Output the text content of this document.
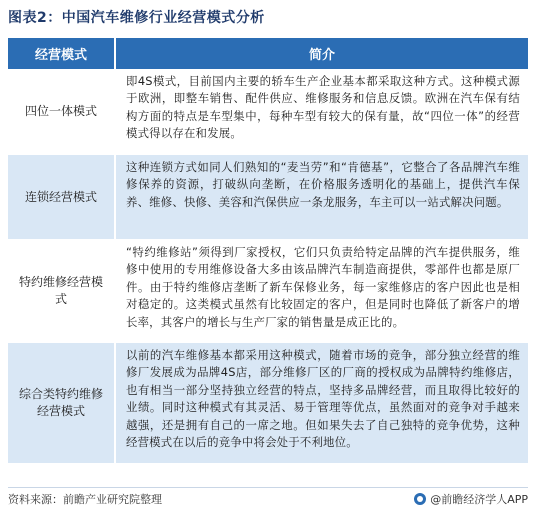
图表2：中国汽车维修行业经营模式分析
经营模式	简介
四位一体模式
即4S模式，目前国内主要的轿车生产企业基本都采取这种方式。这种模式源于欧洲，即整车销售、配件供应、维修服务和信息反馈。欧洲在汽车保有结构方面的特点是车型集中，每种车型有较大的保有量，故“四位一体”的经营模式得以存在和发展。
连锁经营模式
这种连锁方式如同人们熟知的“麦当劳”和“肯德基”，它整合了各品牌汽车维修保养的资源，打破纵向垄断，在价格服务透明化的基础上，提供汽车保养、维修、快修、美容和汽保供应一条龙服务，车主可以一站式解决问题。
特约维修经营模式
“特约维修站”须得到厂家授权，它们只负责给特定品牌的汽车提供服务，维修中使用的专用维修设备大多由该品牌汽车制造商提供，零部件也都是原厂件。由于特约维修店垄断了新车保修业务，每一家维修店的客户因此也是相对稳定的。这类模式虽然有比较固定的客户，但是同时也降低了新客户的增长率，其客户的增长与生产厂家的销售量是成正比的。
综合类特约维修经营模式
以前的汽车维修基本都采用这种模式，随着市场的竞争，部分独立经营的维修厂发展成为品牌4S店，部分维修厂区的厂商的授权成为品牌特约维修店，也有相当一部分坚持独立经营的特点，坚持多品牌经营，而且取得比较好的业绩。同时这种模式有其灵活、易于管理等优点，虽然面对的竞争对手越来越强，还是拥有自己的一席之地。但如果失去了自己独特的竞争优势，这种经营模式在以后的竞争中将会处于不利地位。
资料来源：前瞻产业研究院整理	@前瞻经济学人APP
